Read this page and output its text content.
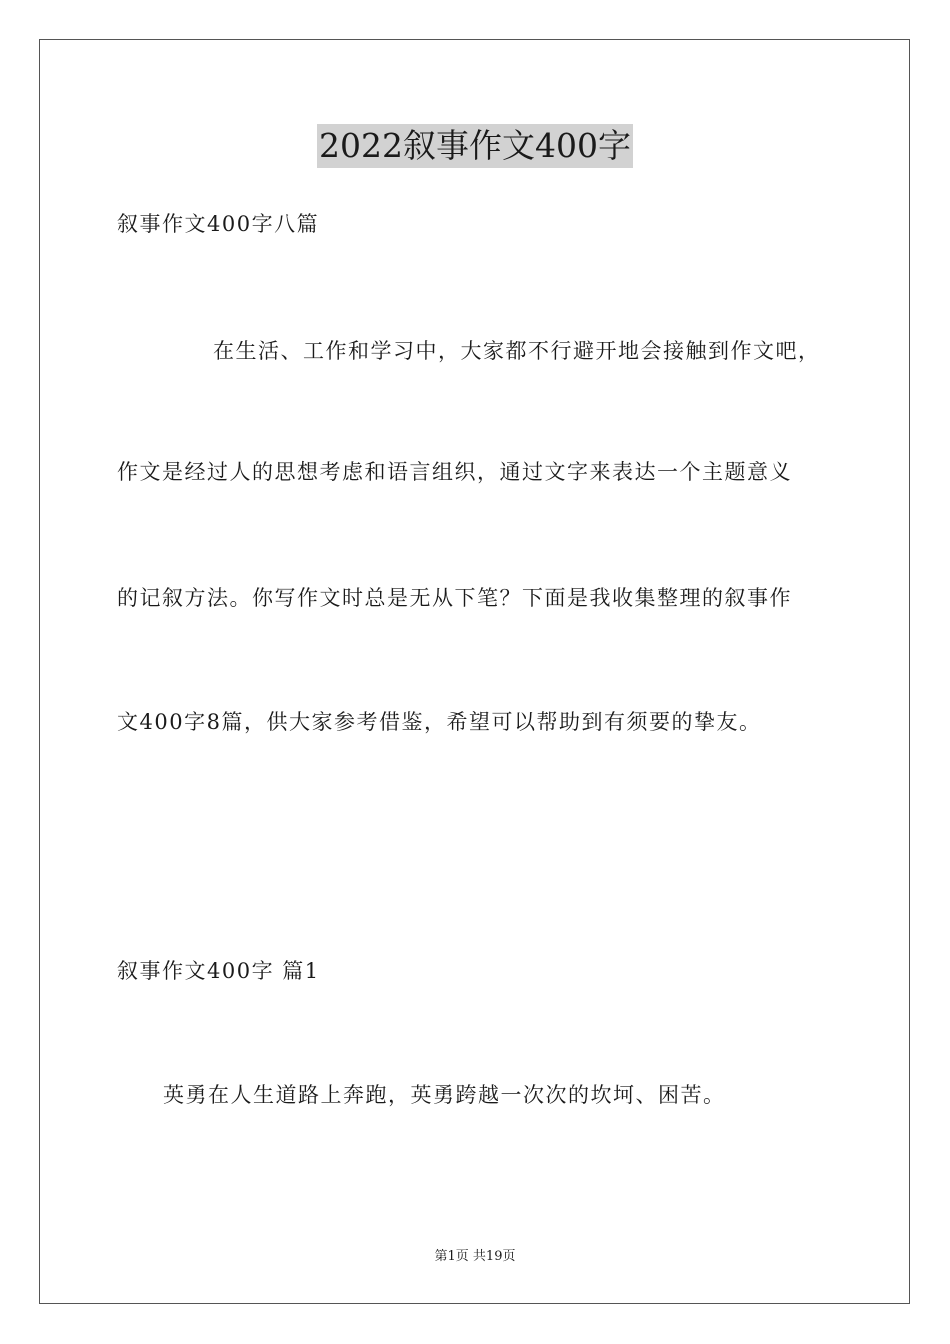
2022叙事作文400字
叙事作文400字八篇
在生活、工作和学习中，大家都不行避开地会接触到作文吧，
作文是经过人的思想考虑和语言组织，通过文字来表达一个主题意义
的记叙方法。你写作文时总是无从下笔？下面是我收集整理的叙事作
文400字8篇，供大家参考借鉴，希望可以帮助到有须要的挚友。
叙事作文400字 篇1
英勇在人生道路上奔跑，英勇跨越一次次的坎坷、困苦。
第1页 共19页
